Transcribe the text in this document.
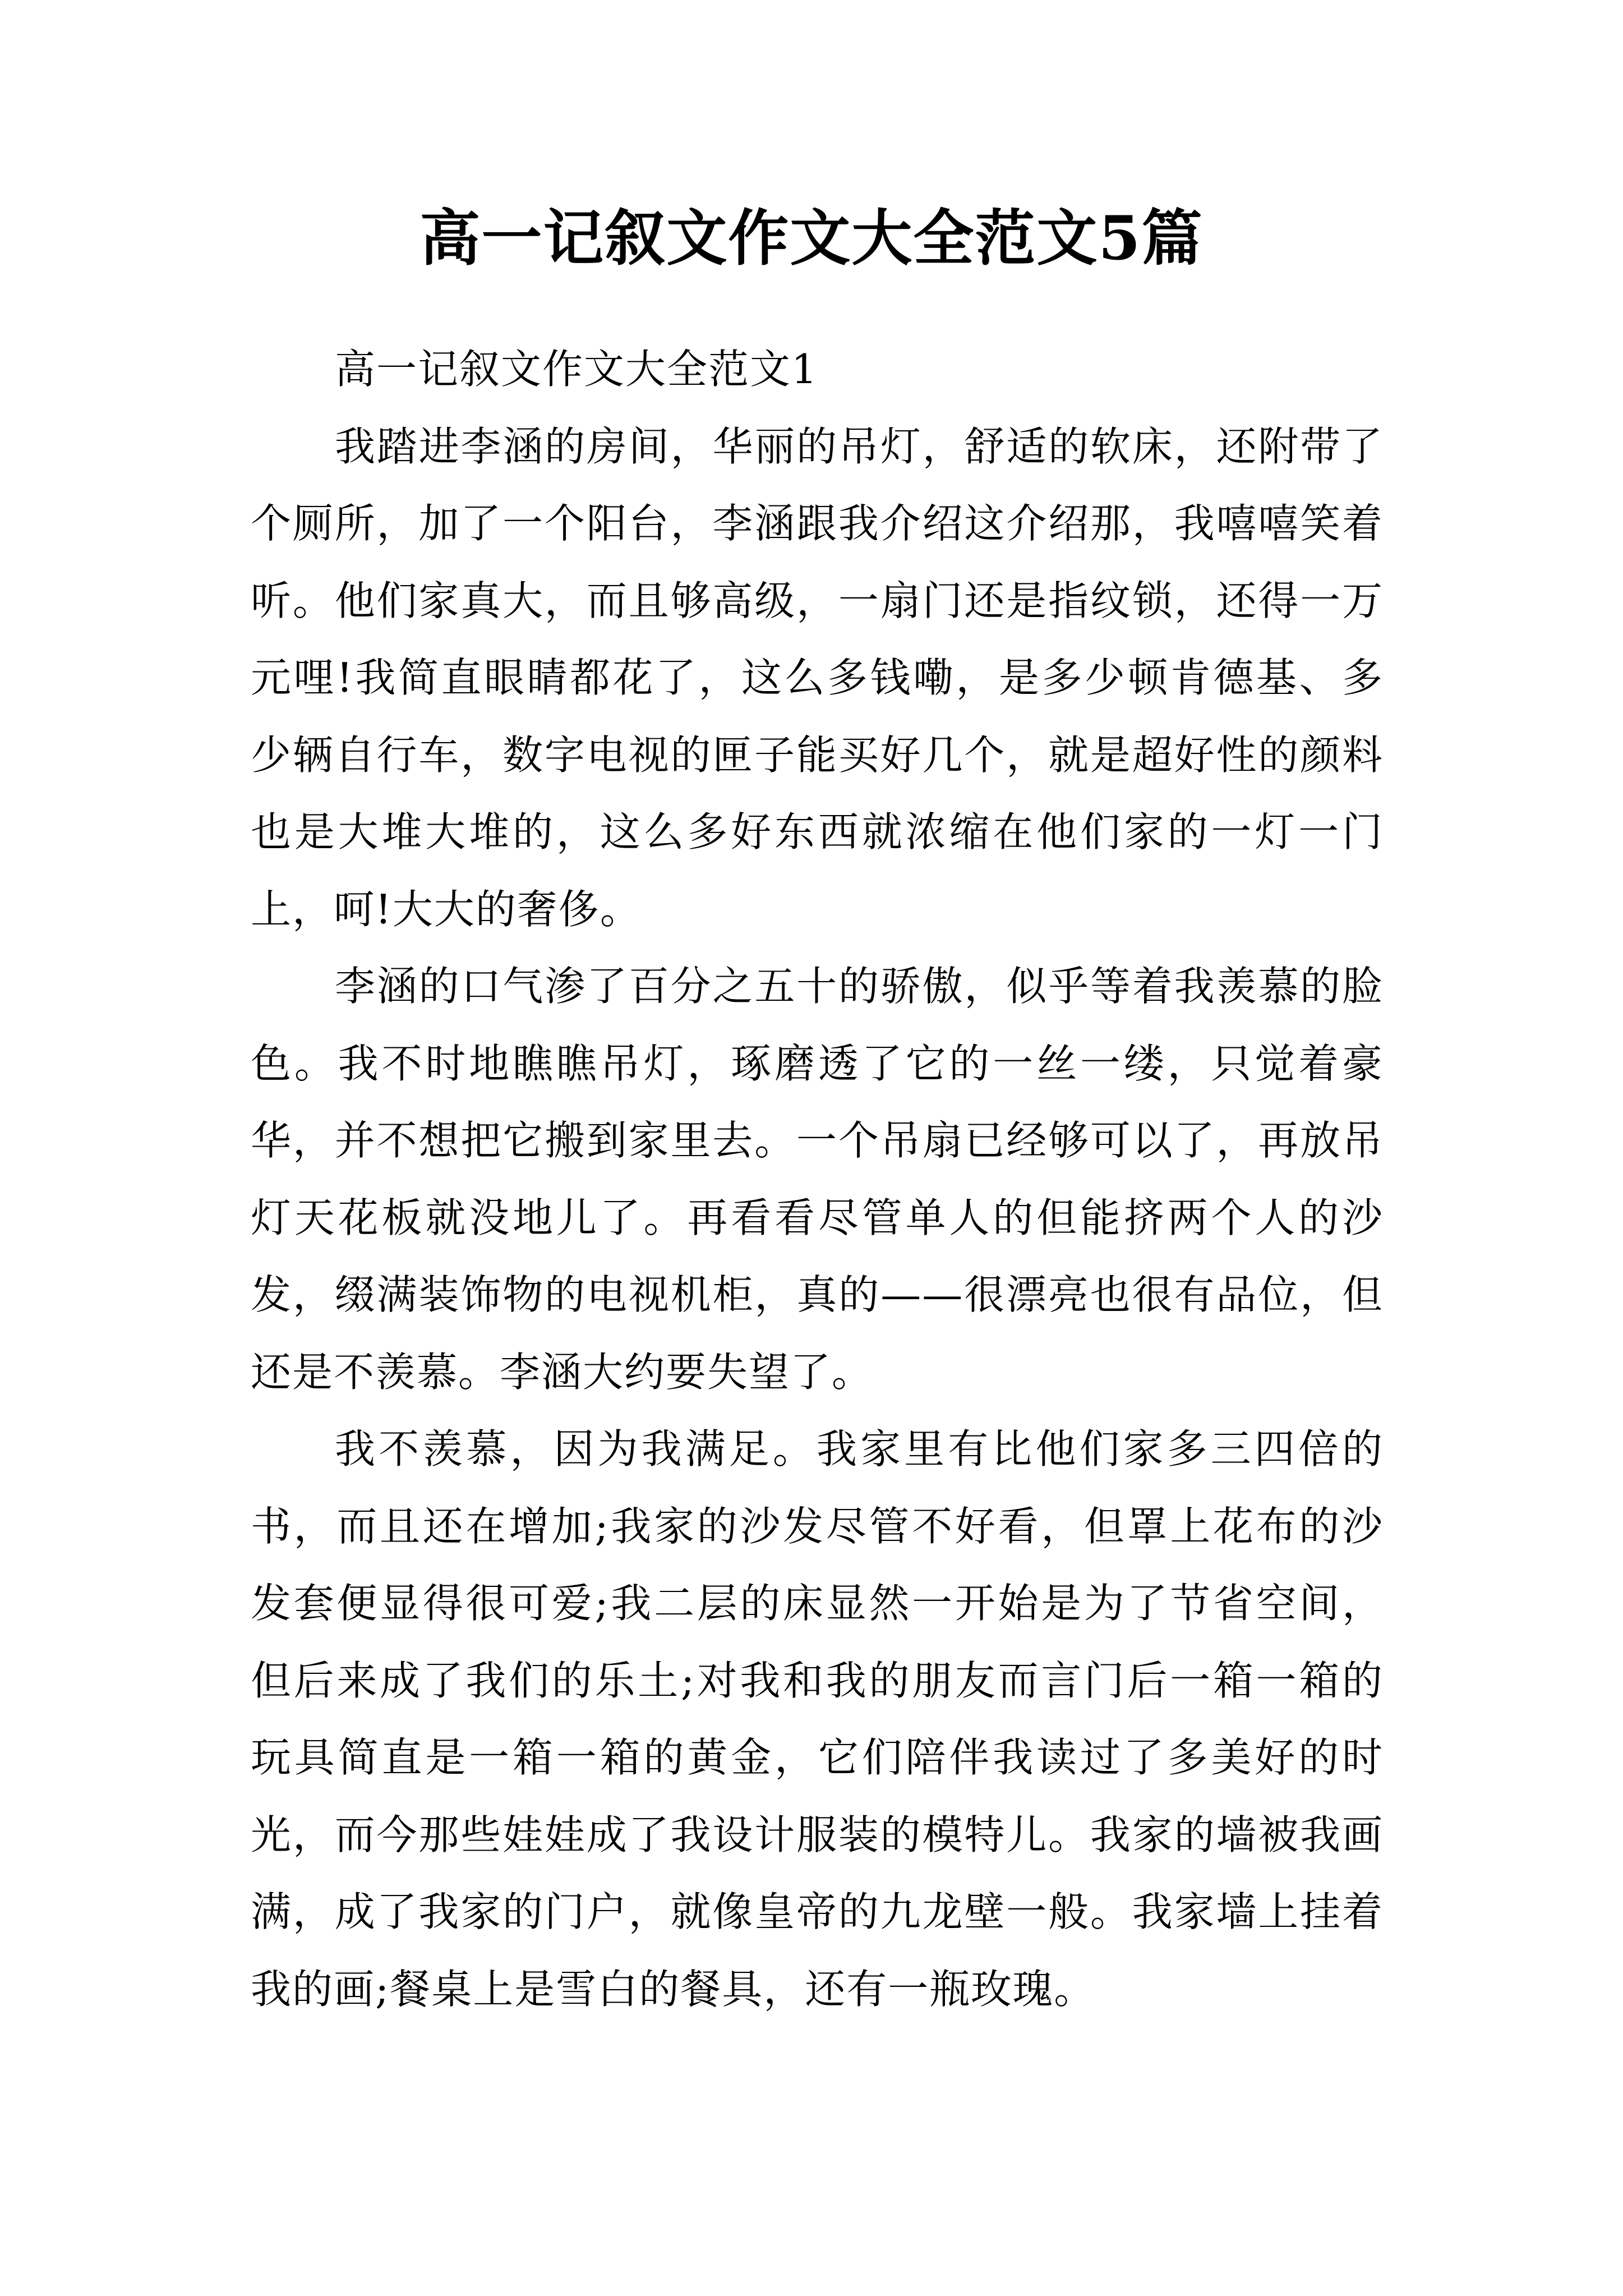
高一记叙文作文大全范文5篇

高一记叙文作文大全范文1

我踏进李涵的房间，华丽的吊灯，舒适的软床，还附带了个厕所，加了一个阳台，李涵跟我介绍这介绍那，我嘻嘻笑着听。他们家真大，而且够高级，一扇门还是指纹锁，还得一万元哩!我简直眼睛都花了，这么多钱嘞，是多少顿肯德基、多少辆自行车，数字电视的匣子能买好几个，就是超好性的颜料也是大堆大堆的，这么多好东西就浓缩在他们家的一灯一门上，呵!大大的奢侈。

李涵的口气渗了百分之五十的骄傲，似乎等着我羡慕的脸色。我不时地瞧瞧吊灯，琢磨透了它的一丝一缕，只觉着豪华，并不想把它搬到家里去。一个吊扇已经够可以了，再放吊灯天花板就没地儿了。再看看尽管单人的但能挤两个人的沙发，缀满装饰物的电视机柜，真的——很漂亮也很有品位，但还是不羡慕。李涵大约要失望了。

我不羡慕，因为我满足。我家里有比他们家多三四倍的书，而且还在增加;我家的沙发尽管不好看，但罩上花布的沙发套便显得很可爱;我二层的床显然一开始是为了节省空间，但后来成了我们的乐土;对我和我的朋友而言门后一箱一箱的玩具简直是一箱一箱的黄金，它们陪伴我读过了多美好的时光，而今那些娃娃成了我设计服装的模特儿。我家的墙被我画满，成了我家的门户，就像皇帝的九龙壁一般。我家墙上挂着我的画;餐桌上是雪白的餐具，还有一瓶玫瑰。
